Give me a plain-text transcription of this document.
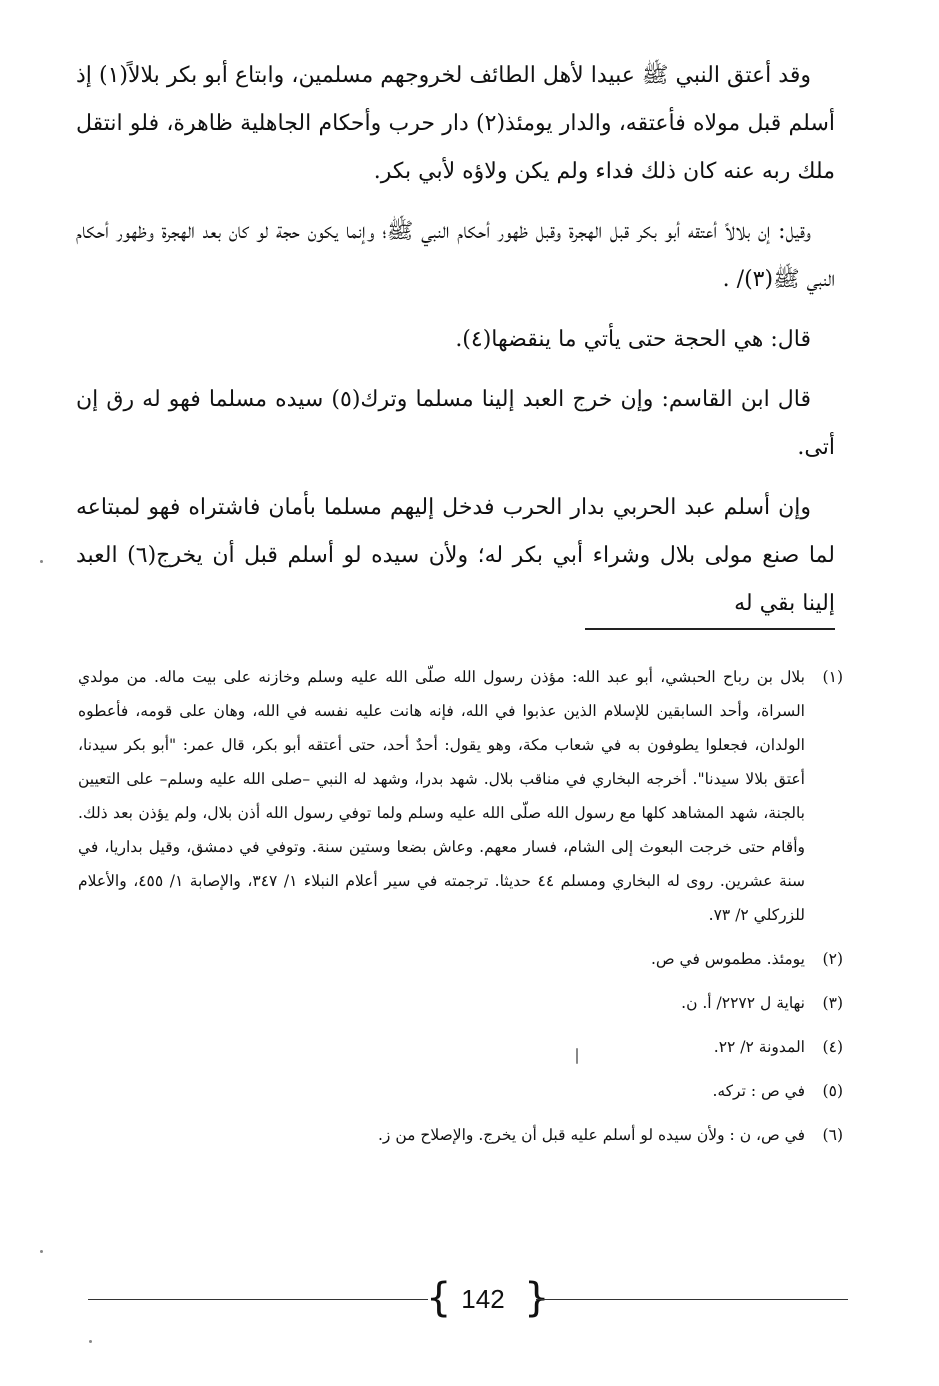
وقد أعتق النبي ﷺ عبيدا لأهل الطائف لخروجهم مسلمين، وابتاع أبو بكر بلالاً(١) إذ أسلم قبل مولاه فأعتقه، والدار يومئذ(٢) دار حرب وأحكام الجاهلية ظاهرة، فلو انتقل ملك ربه عنه كان ذلك فداء ولم يكن ولاؤه لأبي بكر.

وقيل: إن بلالاً أعتقه أبو بكر قبل الهجرة وقبل ظهور أحكام النبي ﷺ؛ وإنما يكون حجة لو كان بعد الهجرة وظهور أحكام النبي ﷺ(٣)/ .

قال: هي الحجة حتى يأتي ما ينقضها(٤).

قال ابن القاسم: وإن خرج العبد إلينا مسلما وترك(٥) سيده مسلما فهو له رق إن أتى.

وإن أسلم عبد الحربي بدار الحرب فدخل إليهم مسلما بأمان فاشتراه فهو لمبتاعه لما صنع مولى بلال وشراء أبي بكر له؛ ولأن سيده لو أسلم قبل أن يخرج(٦) العبد إلينا بقي له

(١)
بلال بن رباح الحبشي، أبو عبد الله: مؤذن رسول الله صلّى الله عليه وسلم وخازنه على بيت ماله. من مولدي السراة، وأحد السابقين للإسلام الذين عذبوا في الله، فإنه هانت عليه نفسه في الله، وهان على قومه، فأعطوه الولدان، فجعلوا يطوفون به في شعاب مكة، وهو يقول: أحدٌ أحد، حتى أعتقه أبو بكر، قال عمر: "أبو بكر سيدنا، أعتق بلالا سيدنا". أخرجه البخاري في مناقب بلال. شهد بدرا، وشهد له النبي –صلى الله عليه وسلم– على التعيين بالجنة، شهد المشاهد كلها مع رسول الله صلّى الله عليه وسلم ولما توفي رسول الله أذن بلال، ولم يؤذن بعد ذلك. وأقام حتى خرجت البعوث إلى الشام، فسار معهم. وعاش بضعا وستين سنة. وتوفي في دمشق، وقيل بداريا، في سنة عشرين. روى له البخاري ومسلم ٤٤ حديثا. ترجمته في سير أعلام النبلاء ١/ ٣٤٧، والإصابة ١/ ٤٥٥، والأعلام للزركلي ٢/ ٧٣.
(٢)
يومئذ. مطموس في ص.
(٣)
نهاية ل ٢٢٧٢/ أ. ن.
(٤)
المدونة ٢/ ٢٢.
(٥)
في ص : تركه.
(٦)
في ص، ن : ولأن سيده لو أسلم عليه قبل أن يخرج. والإصلاح من ز.
{ 142 }
